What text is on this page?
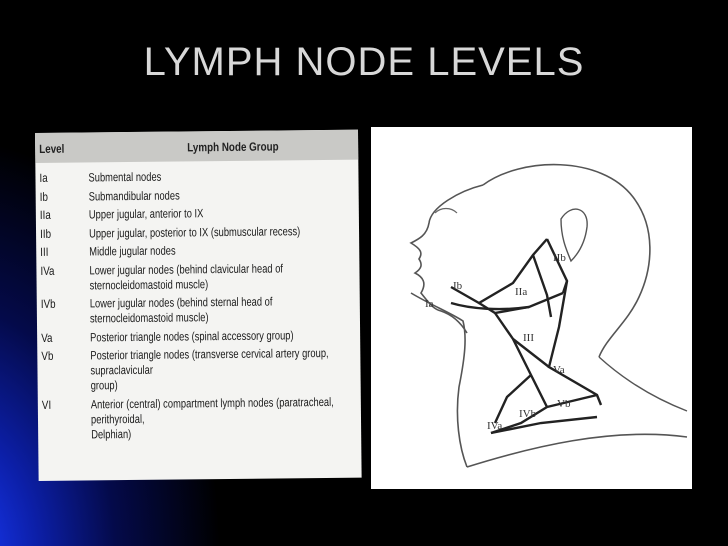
LYMPH NODE LEVELS
Level	Lymph Node Group
Ia	Submental nodes
Ib	Submandibular nodes
IIa	Upper jugular, anterior to IX
IIb	Upper jugular, posterior to IX (submuscular recess)
III	Middle jugular nodes
IVa	Lower jugular nodes (behind clavicular head of sternocleidomastoid muscle)
IVb	Lower jugular nodes (behind sternal head of sternocleidomastoid muscle)
Va	Posterior triangle nodes (spinal accessory group)
Vb	Posterior triangle nodes (transverse cervical artery group, supraclavicular
group)
VI	Anterior (central) compartment lymph nodes (paratracheal, perithyroidal,
Delphian)
IIb
Ib	IIa
Ia
III
Va
Vb
IVb
IVa
